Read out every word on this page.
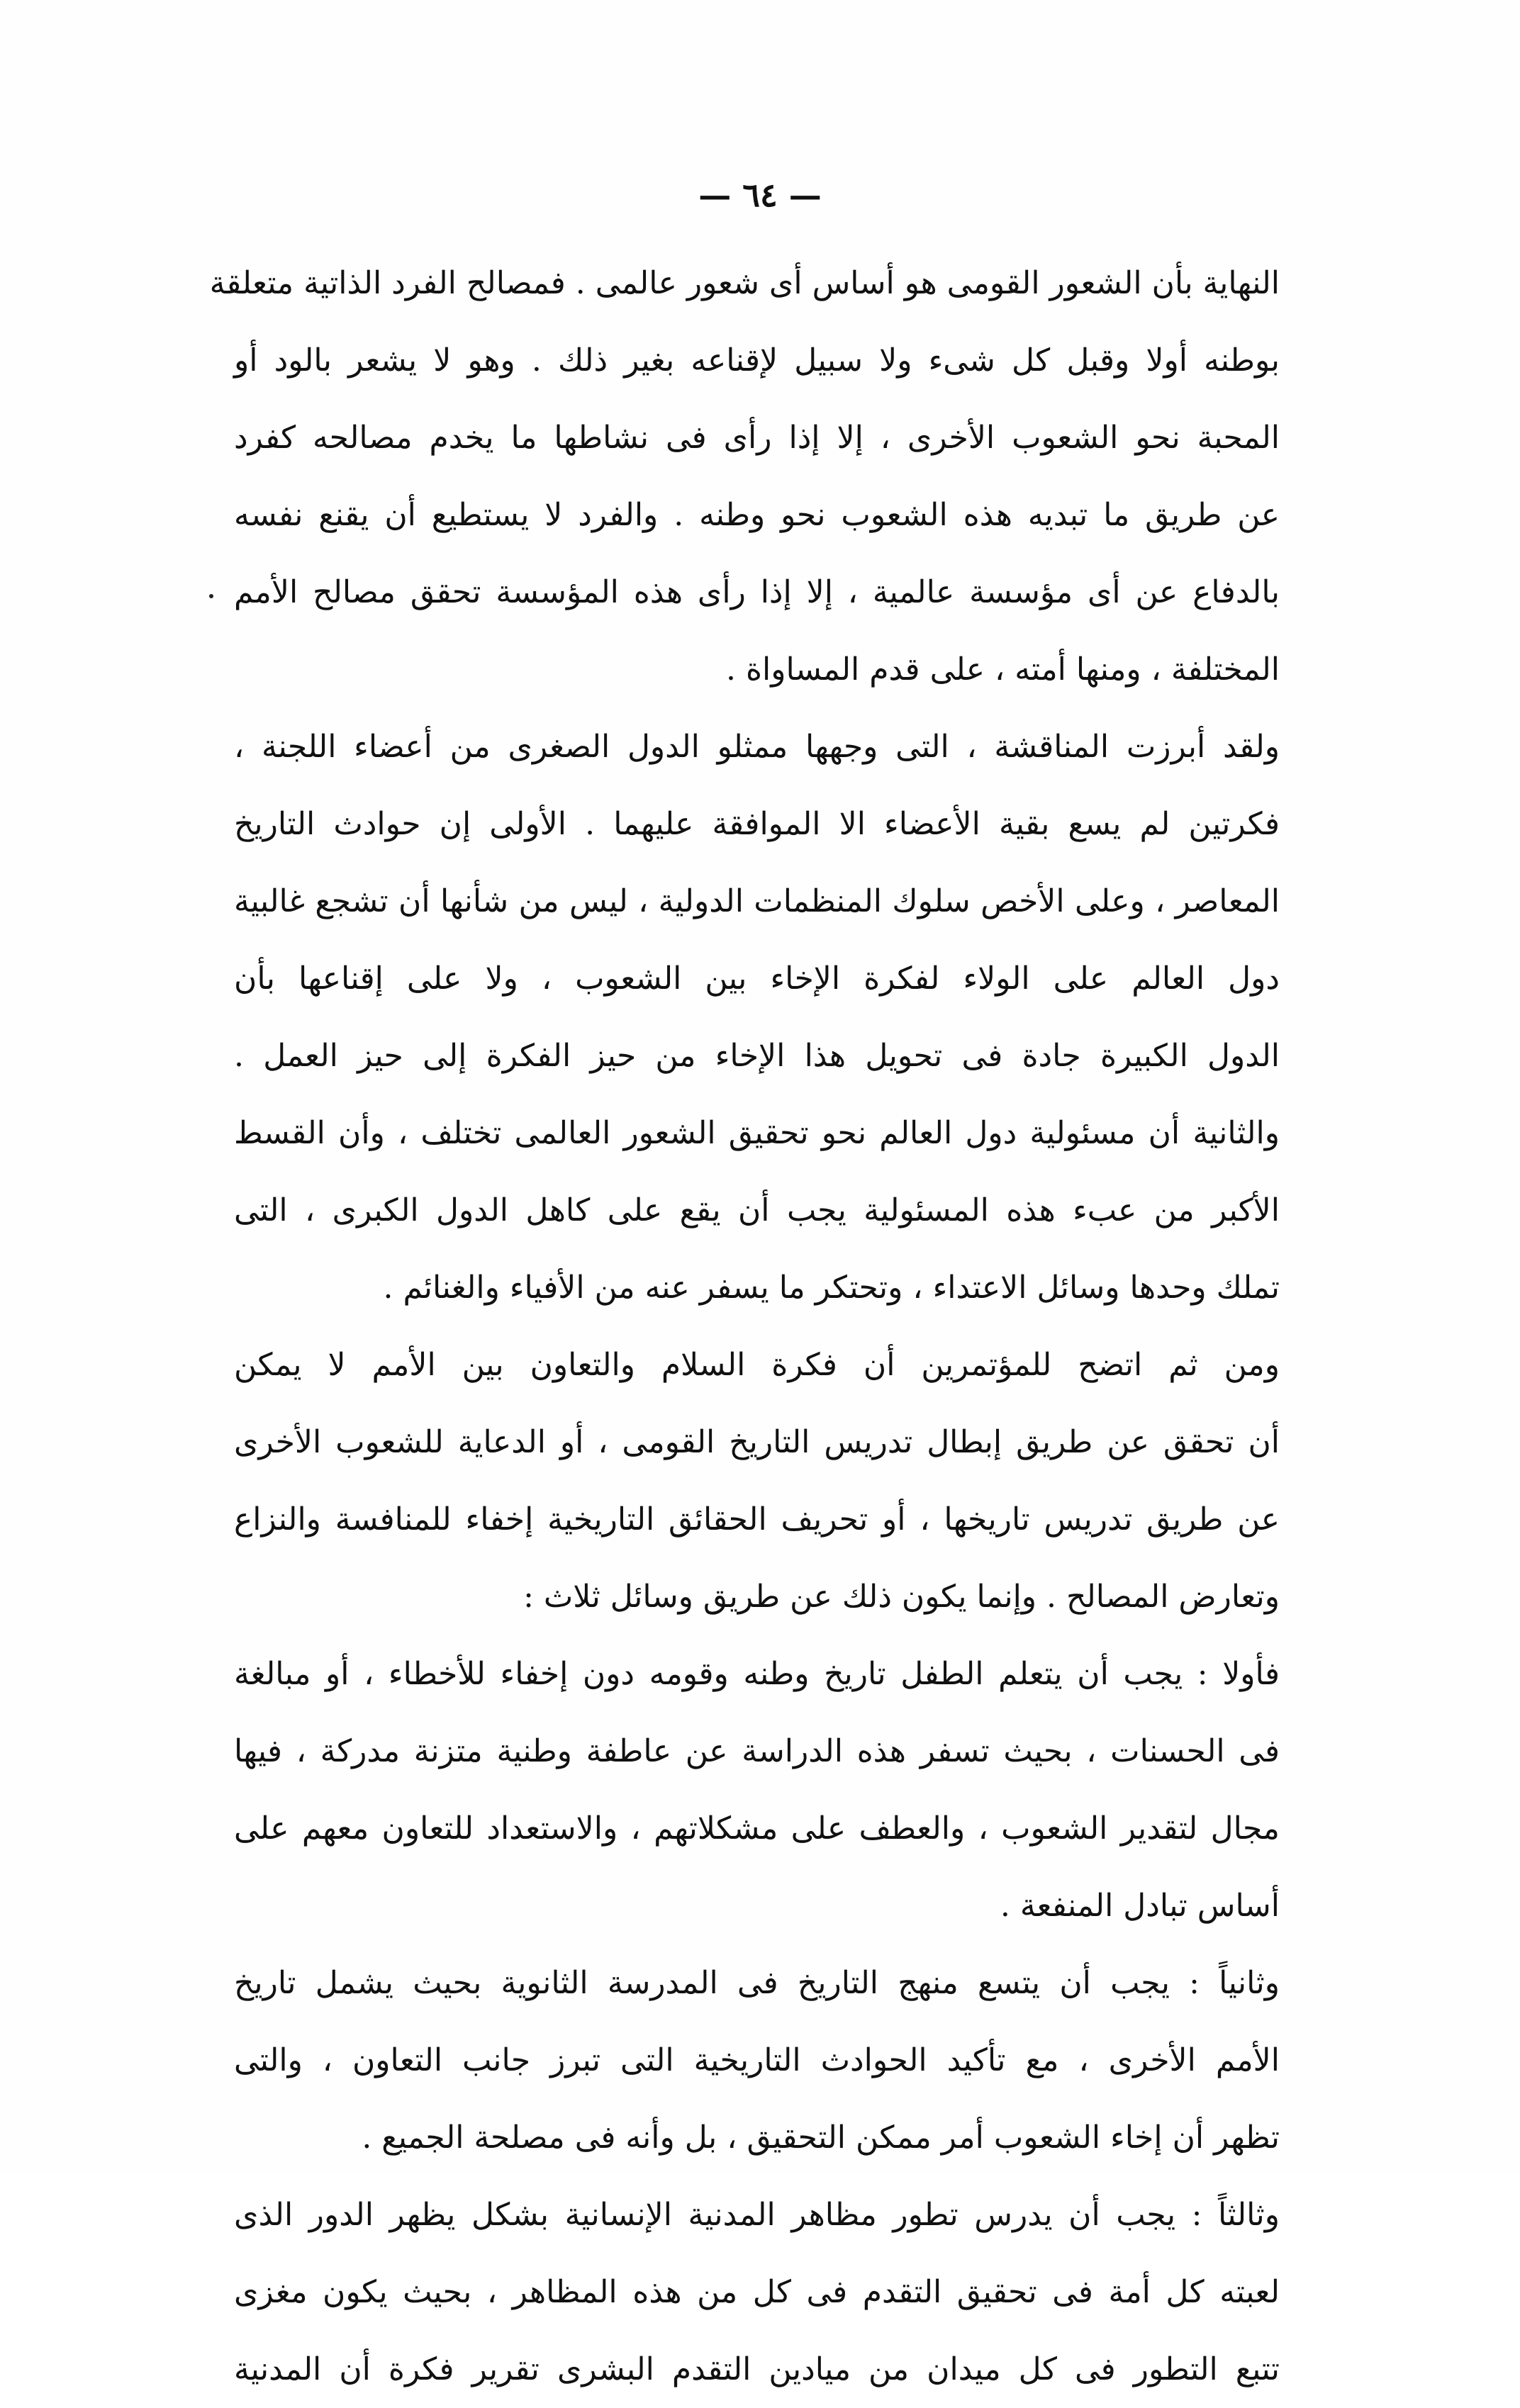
— ٦٤ —
النهاية بأن الشعور القومى هو أساس أى شعور عالمى . فمصالح الفرد الذاتية متعلقة
بوطنه أولا وقبل كل شىء ولا سبيل لإقناعه بغير ذلك . وهو لا يشعر بالود أو
المحبة نحو الشعوب الأخرى ، إلا إذا رأى فى نشاطها ما يخدم مصالحه كفرد
عن طريق ما تبديه هذه الشعوب نحو وطنه . والفرد لا يستطيع أن يقنع نفسه
بالدفاع عن أى مؤسسة عالمية ، إلا إذا رأى هذه المؤسسة تحقق مصالح الأمم
المختلفة ، ومنها أمته ، على قدم المساواة .
ولقد أبرزت المناقشة ، التى وجهها ممثلو الدول الصغرى من أعضاء اللجنة ،
فكرتين لم يسع بقية الأعضاء الا الموافقة عليهما . الأولى إن حوادث التاريخ
المعاصر ، وعلى الأخص سلوك المنظمات الدولية ، ليس من شأنها أن تشجع غالبية
دول العالم على الولاء لفكرة الإخاء بين الشعوب ، ولا على إقناعها بأن
الدول الكبيرة جادة فى تحويل هذا الإخاء من حيز الفكرة إلى حيز العمل .
والثانية أن مسئولية دول العالم نحو تحقيق الشعور العالمى تختلف ، وأن القسط
الأكبر من عبء هذه المسئولية يجب أن يقع على كاهل الدول الكبرى ، التى
تملك وحدها وسائل الاعتداء ، وتحتكر ما يسفر عنه من الأفياء والغنائم .
ومن ثم اتضح للمؤتمرين أن فكرة السلام والتعاون بين الأمم لا يمكن
أن تحقق عن طريق إبطال تدريس التاريخ القومى ، أو الدعاية للشعوب الأخرى
عن طريق تدريس تاريخها ، أو تحريف الحقائق التاريخية إخفاء للمنافسة والنزاع
وتعارض المصالح . وإنما يكون ذلك عن طريق وسائل ثلاث :
فأولا : يجب أن يتعلم الطفل تاريخ وطنه وقومه دون إخفاء للأخطاء ، أو مبالغة
فى الحسنات ، بحيث تسفر هذه الدراسة عن عاطفة وطنية متزنة مدركة ، فيها
مجال لتقدير الشعوب ، والعطف على مشكلاتهم ، والاستعداد للتعاون معهم على
أساس تبادل المنفعة .
وثانياً : يجب أن يتسع منهج التاريخ فى المدرسة الثانوية بحيث يشمل تاريخ
الأمم الأخرى ، مع تأكيد الحوادث التاريخية التى تبرز جانب التعاون ، والتى
تظهر أن إخاء الشعوب أمر ممكن التحقيق ، بل وأنه فى مصلحة الجميع .
وثالثاً : يجب أن يدرس تطور مظاهر المدنية الإنسانية بشكل يظهر الدور الذى
لعبته كل أمة فى تحقيق التقدم فى كل من هذه المظاهر ، بحيث يكون مغزى
تتبع التطور فى كل ميدان من ميادين التقدم البشرى تقرير فكرة أن المدنية
